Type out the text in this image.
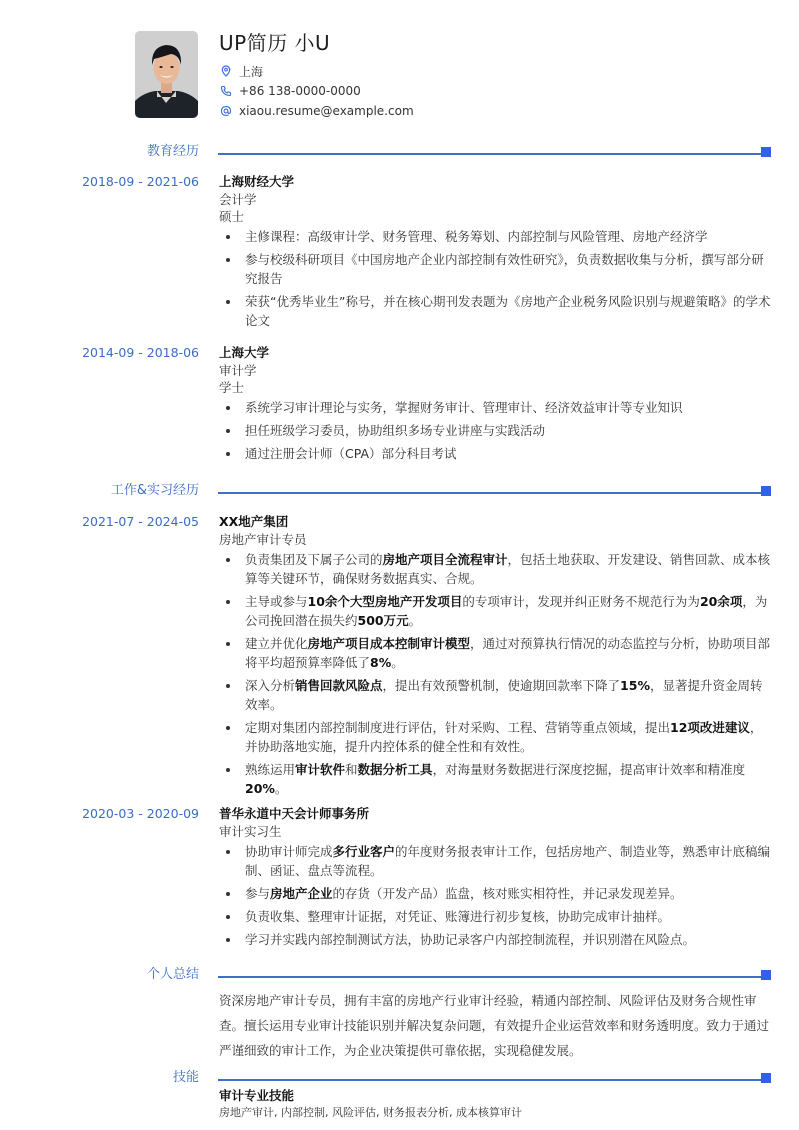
UP简历 小U
上海
+86 138-0000-0000
xiaou.resume@example.com
教育经历
2018-09 - 2021-06 上海财经大学
会计学
硕士
主修课程：高级审计学、财务管理、税务筹划、内部控制与风险管理、房地产经济学
参与校级科研项目《中国房地产企业内部控制有效性研究》，负责数据收集与分析，撰写部分研究报告
荣获“优秀毕业生”称号，并在核心期刊发表题为《房地产企业税务风险识别与规避策略》的学术论文
2014-09 - 2018-06 上海大学
审计学
学士
系统学习审计理论与实务，掌握财务审计、管理审计、经济效益审计等专业知识
担任班级学习委员，协助组织多场专业讲座与实践活动
通过注册会计师（CPA）部分科目考试
工作&实习经历
2021-07 - 2024-05 XX地产集团
房地产审计专员
负责集团及下属子公司的房地产项目全流程审计，包括土地获取、开发建设、销售回款、成本核算等关键环节，确保财务数据真实、合规。
主导或参与10余个大型房地产开发项目的专项审计，发现并纠正财务不规范行为为20余项，为公司挽回潜在损失约500万元。
建立并优化房地产项目成本控制审计模型，通过对预算执行情况的动态监控与分析，协助项目部将平均超预算率降低了8%。
深入分析销售回款风险点，提出有效预警机制，使逾期回款率下降了15%，显著提升资金周转效率。
定期对集团内部控制制度进行评估，针对采购、工程、营销等重点领域，提出12项改进建议，并协助落地实施，提升内控体系的健全性和有效性。
熟练运用审计软件和数据分析工具，对海量财务数据进行深度挖掘，提高审计效率和精准度20%。
2020-03 - 2020-09 普华永道中天会计师事务所
审计实习生
协助审计师完成多行业客户的年度财务报表审计工作，包括房地产、制造业等，熟悉审计底稿编制、函证、盘点等流程。
参与房地产企业的存货（开发产品）监盘，核对账实相符性，并记录发现差异。
负责收集、整理审计证据，对凭证、账簿进行初步复核，协助完成审计抽样。
学习并实践内部控制测试方法，协助记录客户内部控制流程，并识别潜在风险点。
个人总结
资深房地产审计专员，拥有丰富的房地产行业审计经验，精通内部控制、风险评估及财务合规性审查。擅长运用专业审计技能识别并解决复杂问题，有效提升企业运营效率和财务透明度。致力于通过严谨细致的审计工作，为企业决策提供可靠依据，实现稳健发展。
技能
审计专业技能
房地产审计, 内部控制, 风险评估, 财务报表分析, 成本核算审计
